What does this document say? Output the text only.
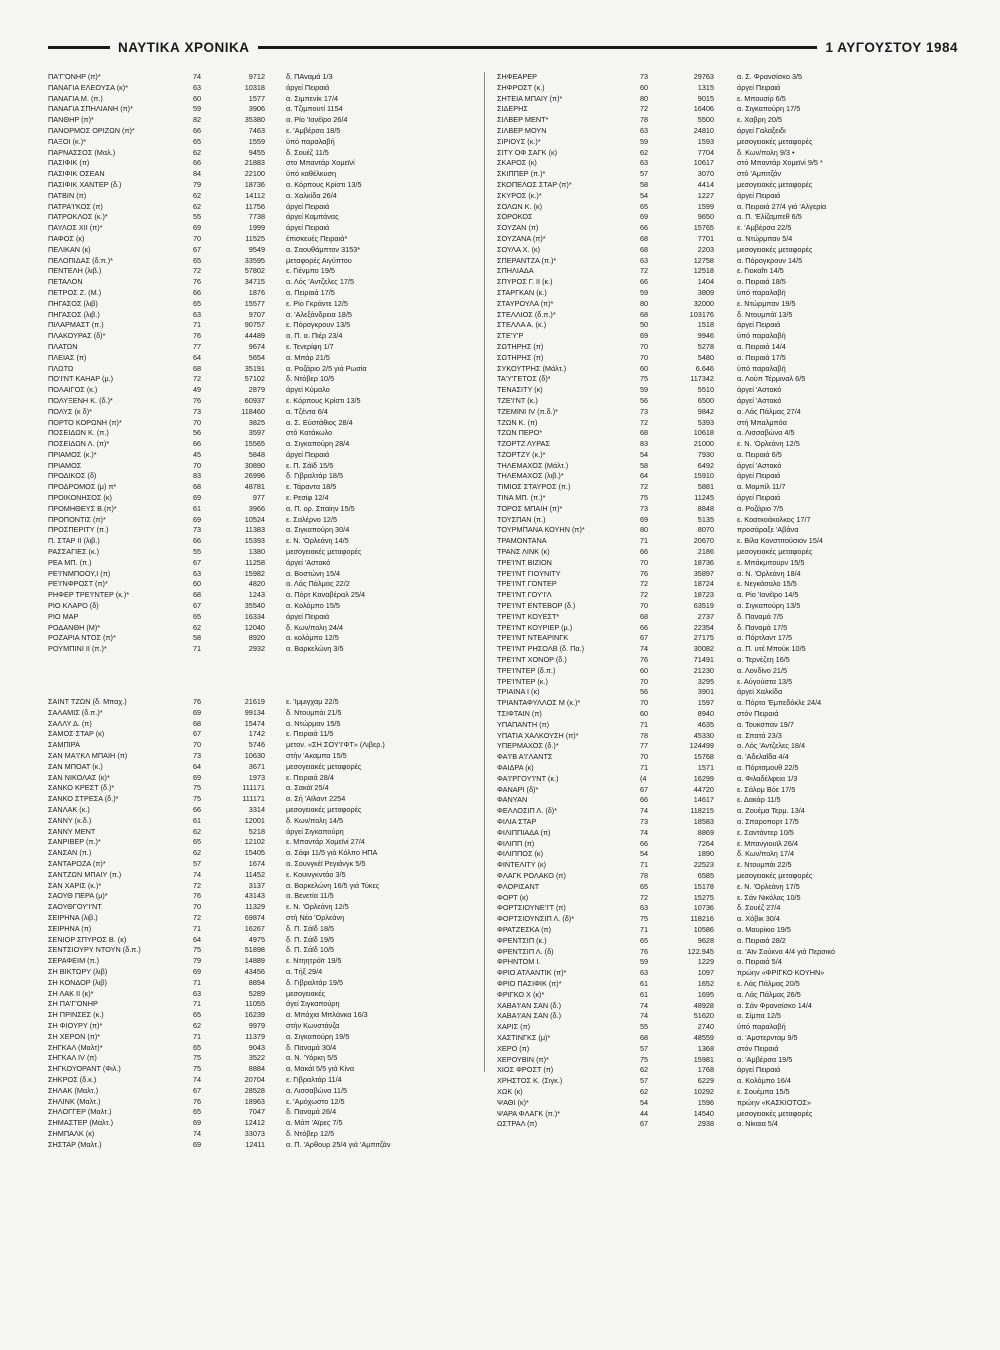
ΝΑΥΤΙΚΑ ΧΡΟΝΙΚΑ	1 ΑΥΓΟΥΣΤΟΥ 1984
ΠΑ'Γ'ΟΝΗΡ (π)*	74	9712	δ. ΠΑναμά 1/3
ΠΑΝΑΓΙΑ ΕΛΕΟΥΣΑ (κ)*	63	10318	άργεί Πειραιά
ΠΑΝΑΓΙΑ Μ. (π.)	60	1577	α. Σιμπενίκ 17/4
ΠΑΝΑΓΙΑ ΣΠΗΛΙΑΝΗ (π)*	59	3906	α. Τζιμπουτί 1154
ΠΑΝΘΗΡ (π)*	82	35380	α. Ρίο 'Ιανέϊρο 26/4
ΠΑΝΟΡΜΟΣ ΟΡΙΖΩΝ (π)*	66	7463	ε. 'Αμβέρσα 18/5
ΠΑΞΟΙ (κ.)*	65	1559	ύπό παραλαβή
ΠΑΡΝΑΣΣΟΣ (Μαλ.)	62	9455	δ. Σουέζ 11/5
ΠΑΣΙΦΙΚ (π)	66	21883	στο Μπαντάρ Χομεϊνί
ΠΑΣΙΦΙΚ ΟΣΕΑΝ	84	22100	ύπό καθέλκυση
ΠΑΣΙΦΙΚ ΧΑΝΤΕΡ (δ.)	79	18736	α. Κόρπους Κρίστι 13/5
ΠΑΤΒΙΝ (π)	62	14112	α. Χαλκίδα 26/4
ΠΑΤΡΑ'Ι'ΚΟΣ (π)	62	11756	άργεί Πειραιά
ΠΑΤΡΟΚΛΟΣ (κ.)*	55	7738	άργεί Καμπάνας
ΠΑΥΛΟΣ ΧΙΙ (π)*	69	1999	άργεί Πειραιά
ΠΑΦΟΣ (κ)	70	11525	έπισκευές Πειραιά*
ΠΕΛΙΚΑΝ (κ)	67	9549	α. Σαουθάμπτον 3153*
ΠΕΛΟΠΙΔΑΣ (δ.π.)*	65	33595	μεταφορές Αιγύπτου
ΠΕΝΤΕΛΗ (λιβ.)	72	57802	ε. Γιένμπο 19/5
ΠΕΤΑΛΟΝ	76	34715	α. Λός 'Αντζελες 17/5
ΠΕΤΡΟΣ Ζ. (Μ.)	66	1876	α. Πειραιά 17/5
ΠΗΓΑΣΟΣ (λιβ)	65	15577	ε. Ρίο Γκράντε 12/5
ΠΗΓΑΣΟΣ (λιβ.)	63	9707	α. 'Αλεξάνδρεια 18/5
ΠΙΛΑΡΜΑΣΤ (π.)	71	90757	ε. Πόρογκρουν 13/5
ΠΛΑΚΟΥΡΑΣ (δ)*	76	44489	α. Π. α. Πιέρ 23/4
ΠΛΑΤΩΝ	77	9674	ε. Τενερίφη 1/7
ΠΛΕΙΑΣ (π)	64	5654	α. Μπάρ 21/5
ΠΛΩΤΩ	68	35191	α. Ροζάριο 2/5 γιά Ρωσία
ΠΟ'Ι'ΝΤ ΚΑΗΑΡ (μ.)	72	57102	δ. Ντόβερ 10/5
ΠΟΛΑΙΓΟΣ (κ.)	49	2879	άργεί Κύμαλο
ΠΟΛΥΞΕΝΗ Κ. (δ.)*	76	60937	ε. Κόρπους Κρίστι 13/5
ΠΟΛΥΣ (κ δ)*	73	118460	α. Τζέντα 6/4
ΠΟΡΤΟ ΚΟΡΩΝΗ (π)*	70	3825	α. Σ. Εύστάθιος 28/4
ΠΟΣΕΙΔΩΝ Κ. (π.)	56	3597	στό Κατάκωλο
ΠΟΣΕΙΔΩΝ Λ. (π)*	66	15565	α. Σιγκαπούρη 28/4
ΠΡΙΑΜΟΣ (κ.)*	45	5848	άργεί Πειραιά
ΠΡΙΑΜΟΣ	70	30890	ε. Π. Σάϊδ 15/5
ΠΡΟΔΙΚΟΣ (δ)	83	26996	δ. Γιβραλτάρ 18/5
ΠΡΟΔΡΟΜΟΣ (μ) π*	68	48781	ε. Τάραντα 18/5
ΠΡΟΙΚΟΝΗΣΟΣ (κ)	69	977	ε. Ρεσίφ 12/4
ΠΡΟΜΗΘΕΥΣ Β.(π)*	61	3966	α. Π. ορ. Σπαίην 15/5
ΠΡΟΠΟΝΤΙΣ (π)*	69	10524	ε. Σαλέρνο 12/5
ΠΡΟΣΠΕΡΙΤΥ (π.)	73	11383	α. Σιγκαπούρη 30/4
Π. ΣΤΑΡ ΙΙ (λιβ.)	66	15393	ε. Ν. 'Ορλεάνη 14/5
ΡΑΣΣΑΓΙΕΣ (κ.)	55	1380	μεσογειακές μεταφορές
ΡΕΑ ΜΠ. (π.)	67	11258	άργεί 'Αστακό
ΡΕ'Ι'ΝΜΠΟΟΥ,Ι (π)	63	15982	α. Βοστώνη 15/4
ΡΕ'Ι'ΝΦΡΟΣΤ (π)*	60	4820	α. Λάς Πάλμας 22/2
ΡΗΦΕΡ ΤΡΕ'Ι'ΝΤΕΡ (κ.)*	68	1243	α. Πόρτ Καναβέραλ 25/4
ΡΙΟ ΚΛΑΡΟ (δ)	67	35540	α. Κολόμπο 15/5
ΡΙΟ ΜΑΡ	65	16334	άργεί Πειραιά
ΡΟΔΑΝΘΗ (Μ)*	62	12040	δ. Κων/πολη 24/4
ΡΟΖΑΡΙΑ ΝΤΟΣ (π)*	58	8920	α. κολόμπο 12/5
ΡΟΥΜΠΙΝΙ ΙΙ (π.)*	71	2932	α. Βαρκελώνη 3/5
ΣΑΙΝΤ ΤΖΩΝ (δ. Μπαχ.)	76	21619	ε. 'Ιμμιγχαμ 22/5
ΣΑΛΑΜΙΣ (δ.π.)*	69	99134	δ. Ντουμπάι 21/5
ΣΑΛΛΥ Δ. (π)	68	15474	α. Ντώρμαν 15/5
ΣΑΜΟΣ ΣΤΑΡ (κ)	67	1742	ε. Πειραιά 11/5
ΣΑΜΠΙΡΑ	70	5746	μετον. «ΣΗ ΣΟΥ'Ι'ΦΤ» (Λιβερ.)
ΣΑΝ ΜΑ'Ι'ΚΛ ΜΠΑΙΗ (π)	73	10630	στήν 'Ακαμπα 15/5
ΣΑΝ ΜΠΟΑΤ (κ.)	64	3671	μεσογειακές μεταφορές
ΣΑΝ ΝΙΚΟΛΑΣ (κ)*	69	1973	ε. Πειραιά 28/4
ΣΑΝΚΟ ΚΡΕΣΤ (δ.)*	75	111171	α. Σακάϊ 25/4
ΣΑΝΚΟ ΣΤΡΕΣΑ (δ.)*	75	111171	α. Σή 'Αϊλαντ 2254
ΣΑΝΛΑΚ (κ.)	66	3314	μεσογειακές μεταφορές
ΣΑΝΝΥ (κ.δ.)	61	12001	δ. Κων/πολη 14/5
ΣΑΝΝΥ ΜΕΝΤ	62	5218	άργεί Σιγκαπούρη
ΣΑΝΡΙΒΕΡ (π.)*	65	12102	ε. Μπαντάρ Χομεϊνί 27/4
ΣΑΝΣΑΝ (π.)	62	15405	α. Σάφι 11/5 γιά Κόλπο ΗΠΑ
ΣΑΝΤΑΡΟΖΑ (π)*	57	1674	α. Σουνγκέϊ Ρεγιάνγκ 5/5
ΣΑΝΤΖΩΝ ΜΠΑΙΥ (π.)	74	11452	ε. Κουινγκντάο 3/5
ΣΑΝ ΧΑΡΙΣ (κ.)*	72	3137	α. Βαρκελώνη 16/5 γιά Τύκες
ΣΑΟΥΘ ΠΕΡΑ (μ)*	76	43143	α. Βενετία 11/5
ΣΑΟΥΘΓΟΥ'Ι'ΝΤ	70	11329	ε. Ν. 'Ορλεάνη 12/5
ΣΕΙΡΗΝΑ (λιβ.)	72	69874	στή Νέα 'Ορλεάνη
ΣΕΙΡΗΝΑ (π)	71	16267	δ. Π. Σάϊδ 18/5
ΣΕΝΙΟΡ ΣΠΥΡΟΣ Β. (κ)	64	4975	δ. Π. Σάϊδ 19/5
ΣΕΝΤΣΙΟΥΡΥ ΝΤΟΥΝ (δ.π.)	75	51898	δ. Π. Σάϊδ 10/5
ΣΕΡΑΦΕΙΜ (π.)	79	14889	ε. Ντηητρόϊτ 19/5
ΣΗ ΒΙΚΤΩΡΥ (λιβ)	69	43456	α. Τήξ 29/4
ΣΗ ΚΟΝΔΟΡ (λιβ)	71	8894	δ. Γιβραλτάρ 19/5
ΣΗ ΛΑΚ ΙΙ (κ)*	63	5289	μεσογειακές
ΣΗ ΠΑ'Γ'ΟΝΗΡ	71	11055	άγεί Σιγκαπούρη
ΣΗ ΠΡΙΝΣΕΣ (κ.)	65	16239	α. Μπάχια Μπλάνκα 16/3
ΣΗ ΦΙΟΥΡΥ (π)*	62	9979	στήν Κωνστάνζα
ΣΗ ΧΕΡΟΝ (π)*	71	11379	α. Σιγκαπούρη 19/5
ΣΗΓΚΑΛ (Μαλτ)*	65	9043	δ. Παναμά 30/4
ΣΗΓΚΑΛ IV (π)	75	3522	α. Ν. 'Υόρκη 5/5
ΣΗΓΚΟΥΟΡΑΝΤ (Φιλ.)	75	8884	α. Μακάϊ 5/5 γιά Κίνα
ΣΗΚΡΟΣ (δ.κ.)	74	20704	ε. Γιβραλτάρ 11/4
ΣΗΛΑΚ (Μαλτ.)	67	28528	α. Λισσαβώνα 11/5
ΣΗΛΙΝΚ (Μαλτ.)	76	18963	ε. 'Αμόχωστο 12/5
ΣΗΛΟΓΓΕΡ (Μαλτ.)	65	7047	δ. Παναμά 26/4
ΣΗΜΑΣΤΕΡ (Μαλτ.)	69	12412	α. Μάπ 'Αϊρες 7/5
ΣΗΜΠΑΛΚ (κ)	74	33073	δ. Ντόβερ 12/5
ΣΗΣΤΑΡ (Μαλτ.)	69	12411	α. Π. 'Αρθουρ 25/4 γιά 'Αμπιτζάν
ΣΗΦΕΑΡΕΡ	73	29763	α. Σ. Φρανσίσκο 3/5
ΣΗΦΡΟΣΤ (κ.)	60	1315	άργεί Πειραιά
ΣΗΤΕΙΑ ΜΠΑΙΥ (π)*	80	9015	ε. Μπουσίρ 6/5
ΣΙΔΕΡΗΣ	72	16406	α. Σιγκαπούρη 17/5
ΣΙΛΒΕΡ ΜΕΝΤ*	78	5500	ε. Χαβρη 20/5
ΣΙΛΒΕΡ ΜΟΥΝ	63	24810	άργεί Γαλαξειδι
ΣΙΡΙΟΥΣ (κ.)*	59	1593	μεσογειακές μεταφορές
ΣΙΤΥ ΟΦ ΣΑΓΚ (κ)	62	7704	δ. Κων/πολη 9/3 •
ΣΚΑΡΟΣ (κ)	63	10617	στό Μπαντάρ Χομεϊνί 9/5 *
ΣΚΙΠΠΕΡ (π.)*	57	3070	στό 'Αμπιτζάν
ΣΚΟΠΕΛΟΣ ΣΤΑΡ (π)*	58	4414	μεσογειακές μεταφορές
ΣΚΥΡΟΣ (κ.)*	54	1227	άργεί Πειραιά
ΣΟΛΩΝ Κ. (κ)	65	1599	α. Πειραιά 27/4 γιά 'Αλγερία
ΣΟΡΟΚΟΣ	69	9650	α. Π. 'Ελίζαμπεθ 6/5
ΣΟΥΖΑΝ (π)	66	15765	ε. 'Αμβέρσα 22/5
ΣΟΥΖΑΝΑ (π)*	68	7701	α. Ντώρμπαν 5/4
ΣΟΥΛΑ Χ. (κ)	68	2203	μεσογειακές μεταφορές
ΣΠΕΡΑΝΤΖΑ (π.)*	63	12758	α. Πόρογκρουν 14/5
ΣΠΗΛΙΑΔΑ	72	12518	ε. Γιοκαΐτι 14/5
ΣΠΥΡΟΣ Γ. ΙΙ (κ.)	66	1404	α. Πειραιά 18/5
ΣΤΑΡΓΚΑΝ (κ.)	59	3809	ύπό παραλαβή
ΣΤΑΥΡΟΥΛΑ (π)*	80	32000	ε. Ντώρμπαν 19/5
ΣΤΕΛΛΙΟΣ (δ.π.)*	68	103176	δ. Ντουμπάϊ 13/5
ΣΤΕΛΛΑ Α. (κ.)	50	1518	άργεί Πειραιά
ΣΤΕ'Υ'Ρ	69	9946	ύπό παραλαβή
ΣΩΤΗΡΗΣ (π)	70	5278	α. Πειραιά 14/4
ΣΩΤΗΡΗΣ (π)	70	5480	α. Πειραιά 17/5
ΣΥΚΟΥΤΡΗΣ (Μάλτ.)	60	6.646	ύπό παραλαβή
ΤΑ'Υ'ΓΕΤΟΣ (δ)*	75	117342	α. Λούπ Τέρμιναλ 6/5
ΤΕΝΑΣΙΤΥ (κ)	59	5510	άργεί 'Αστακό
ΤΖΕ'Ι'ΝΤ (κ.)	56	6500	άργεί 'Αστακό
ΤΖΕΜΙΝΙ IV (π.δ.)*	73	9842	α. Λάς Πάλμας 27/4
ΤΖΩΝ Κ. (π)	72	5393	στή Μπαλμπόα
ΤΖΩΝ ΠΕΡΟ*	68	10618	α. Λισσαβώνα 4/5
ΤΖΟΡΤΖ ΛΥΡΑΣ	83	21000	ε. Ν. 'Ορλεάνη 12/5
ΤΖΟΡΤΖΥ (κ.)*	54	7930	α. Πειραιά 6/5
ΤΗΛΕΜΑΧΟΣ (Μάλτ.)	58	6492	άργεί 'Αστακό
ΤΗΛΕΜΑΧΟΣ (λιβ.)*	64	15910	άργεί Πειραιά
ΤΙΜΙΟΣ ΣΤΑΥΡΟΣ (π.)	72	5881	α. Μομπίλ 11/7
ΤΙΝΑ ΜΠ. (π.)*	75	11245	άργεί Πειραιά
ΤΟΡΟΣ ΜΠΑΙΗ (π)*	73	8848	α. Ροζάριο 7/5
ΤΟΥΣΠΑΝ (π.)	69	5135	ε. Κοατκοάκολκος 17/7
ΤΟΥΡΜΠΑΝΑ ΚΟΥΗΝ (π)*	80	8070	προσάραξε 'Αβάνα
ΤΡΑΜΟΝΤΑΝΑ	71	20670	ε. Βίλα Κονστιτούσιον 15/4
ΤΡΑΝΣ ΛΙΝΚ (κ)	66	2186	μεσογειακές μεταφορές
ΤΡΕ'Ι'ΝΤ ΒΙΖΙΟΝ	70	18736	ε. Μπάκμπουρν 15/5
ΤΡΕ'Ι'ΝΤ ΓΙΟΥΝΙΤΥ	76	35897	α. Ν. 'Ορλεάνη 18/4
ΤΡΕ'Ι'ΝΤ ΓΟΝΤΕΡ	72	18724	ε. Νεγκάσαλο 15/5
ΤΡΕ'Ι'ΝΤ ΓΟΥ'Ι'Λ	72	18723	α. Ρίο 'Ιανέϊρο 14/5
ΤΡΕ'Ι'ΝΤ ΕΝΤΕΒΟΡ (δ.)	70	63519	α. Σιγκαπούρη 13/5
ΤΡΕ'Ι'ΝΤ ΚΟΥΕΣΤ*	68	2737	δ. Παναμά 7/5
ΤΡΕ'Ι'ΝΤ ΚΟΥΡΙΕΡ (μ.)	66	22354	δ. Παναμά 17/5
ΤΡΕ'Ι'ΝΤ ΝΤΕΑΡΙΝΓΚ	67	27175	α. Πόρτλαντ 17/5
ΤΡΕ'Ι'ΝΤ ΡΗΣΟΛΒ (δ. Πα.)	74	30082	α. Π. υτέ Μπούκ 10/5
ΤΡΕ'Ι'ΝΤ ΧΟΝΟΡ (δ.)	76	71491	α. Τερνέζεη 16/5
ΤΡΕ'Ι'ΝΤΕΡ (δ.π.)	60	21230	α. Λονδίνο 21/5
ΤΡΕ'Ι'ΝΤΕΡ (κ.)	70	3295	ε. Αύγούστα 13/5
ΤΡΙΑΙΝΑ Ι (κ)	56	3901	άργεί Χαλκίδα
ΤΡΙΑΝΤΑΦΥΛΛΟΣ Μ (κ.)*	70	1597	α. Πόρτο 'Εμπεδόκλε 24/4
ΤΣΙΦΤΑΙΝ (π)	60	8940	στόν Πειραιά
ΥΠΑΠΑΝΤΗ (π)	71	4635	α. Τουκσπαν 19/7
ΥΠΑΤΙΑ ΧΑΛΚΟΥΣΗ (π)*	78	45330	α. Σπατά 23/3
ΥΠΕΡΜΑΧΟΣ (δ.)*	77	124499	α. Λός 'Αντζελες 18/4
ΦΑ'Ι'Β Α'Ι'ΛΑΝΤΣ	70	15768	α. 'Αδελαΐδα 4/4
ΦΑΙΔΡΑ (κ)	71	1571	α. Πόρτσμουθ 22/5
ΦΑ'Ι'ΡΓΟΥ'Ι'ΝΤ (κ.)	(4	16299	α. Φιλαδέλφεια 1/3
ΦΑΝΑΡΙ (δ)*	67	44720	ε. Σάλομ Βόε 17/5
ΦΑΝΥΑΝ	66	14617	ε. Δακάρ 11/5
ΦΕΛΛΟΣΙΠ Λ. (δ)*	74	118215	α. Ζουέμα Τερμ. 13/4
ΦΙΛΙΑ ΣΤΑΡ	73	18583	α. Σπαροπορτ 17/5
ΦΙΛΙΠΠΙΑΔΑ (π)	74	8869	ε. Σαντάντερ 10/5
ΦΙΛΙΠΠ (π)	66	7264	ε. Μπανγιουϊλ 26/4
ΦΙΛΙΠΠΟΣ (κ)	54	1890	δ. Κων/πολη 17/4
ΦΙΝΤΕΛΙΤΥ (κ)	71	22523	ε. Ντουμπάι 22/5
ΦΛΑΓΚ ΡΟΛΑΚΟ (π)	78	6585	μεσογειακές μεταφορές
ΦΛΟΡΙΣΑΝΤ	65	15178	ε. Ν. 'Ορλεάνη 17/5
ΦΟΡΤ (κ)	72	15275	ε. Σάν Νικόλας 10/5
ΦΟΡΤΣΙΟΥΝΕ'Ι'Τ (π)	63	10736	δ. Σουέζ 27/4
ΦΟΡΤΣΙΟΥΝΣΙΠ Λ. (δ)*	75	118216	α. Χόβικ 30/4
ΦΡΑΤΖΕΣΚΑ (π)	71	10586	α. Μαυρίκιο 19/5
ΦΡΕΝΤΣΙΠ (κ.)	65	9628	α. Πειραιά 28/2
ΦΡΕΝΤΣΙΠ Λ. (δ)	76	122.945	α. 'Αϊν Σούκνα 4/4 γιά Περσικό
ΦΡΗΝΤΟΜ Ι.	59	1229	α. Πειραιά 5/4
ΦΡΙΟ ΑΤΛΑΝΤΙΚ (π)*	63	1097	πρώην «ΦΡΙΓΚΟ ΚΟΥΗΝ»
ΦΡΙΟ ΠΑΣΙΦΙΚ (π)*	61	1652	ε. Λάς Πάλμας 20/5
ΦΡΙΓΚΟ Χ (κ)*	61	1695	α. Λάς Πάλμας 26/5
ΧΑΒΑ'Ι'ΑΝ ΣΑΝ (δ.)	74	48928	α. Σάν Φρανσίσκο 14/4
ΧΑΒΑ'Ι'ΑΝ ΣΑΝ (δ.)	74	51620	α. Σίμπα 12/5
ΧΑΡΙΣ (π)	55	2740	ύπό παραλαβή
ΧΑΣΤΙΝΓΚΣ (μ)*	68	48559	α. 'Αμστερνταμ 9/5
ΧΕΡΟ (π)	57	1368	στόν Πειραιά
ΧΕΡΟΥΒΙΝ (π)*	75	15981	α. 'Αμβέρσα 19/5
ΧΙΟΣ ΦΡΟΣΤ (π)	62	1768	άργεί Πειραιά
ΧΡΗΣΤΟΣ Κ. (Σιγκ.)	57	6229	α. Κολόμπο 16/4
ΧΩΚ (κ)	62	10292	ε. Σουέμπα 15/5
ΨΑΘΙ (κ)*	54	1596	πρώην «ΚΑΣΚΙΟΤΟΣ»
ΨΑΡΑ ΦΛΑΓΚ (π.)*	44	14540	μεσογειακές μεταφορές
ΩΣΤΡΑΛ (π)	67	2938	α. Νίκαια 5/4
